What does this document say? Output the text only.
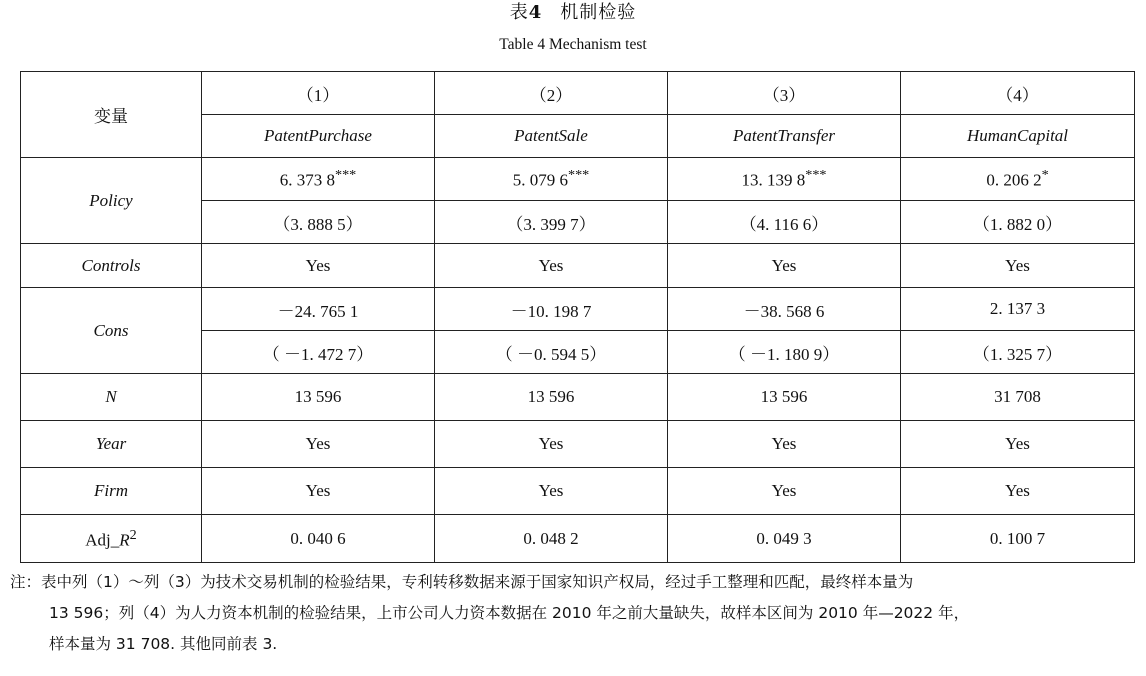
表4 机制检验
Table 4 Mechanism test
变量	（1）	（2）	（3）	（4）
	PatentPurchase	PatentSale	PatentTransfer	HumanCapital
Policy	6. 373 8***	5. 079 6***	13. 139 8***	0. 206 2*
	（3. 888 5）	（3. 399 7）	（4. 116 6）	（1. 882 0）
Controls	Yes	Yes	Yes	Yes
Cons	－24. 765 1	－10. 198 7	－38. 568 6	2. 137 3
	（ －1. 472 7）	（ －0. 594 5）	（ －1. 180 9）	（1. 325 7）
N	13 596	13 596	13 596	31 708
Year	Yes	Yes	Yes	Yes
Firm	Yes	Yes	Yes	Yes
$Adj\_R^2$	0. 040 6	0. 048 2	0. 049 3	0. 100 7
注：表中列（1）～列（3）为技术交易机制的检验结果，专利转移数据来源于国家知识产权局，经过手工整理和匹配，最终样本量为
13 596；列（4）为人力资本机制的检验结果，上市公司人力资本数据在 2010 年之前大量缺失，故样本区间为 2010 年—2022 年，
样本量为 31 708. 其他同前表 3.
